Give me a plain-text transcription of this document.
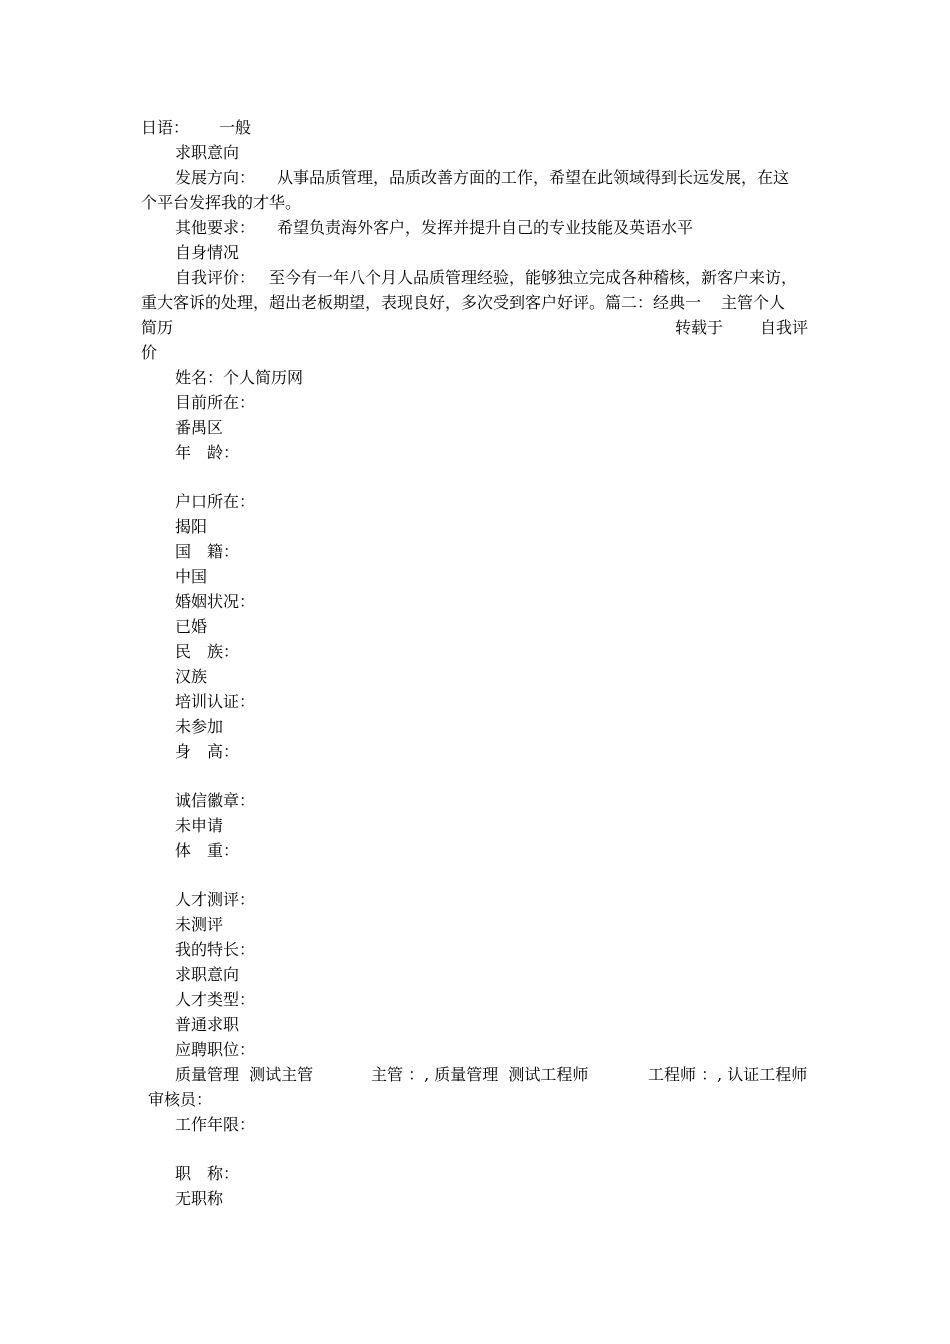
日语： 一般
求职意向
发展方向： 从事品质管理，品质改善方面的工作，希望在此领域得到长远发展，在这
个平台发挥我的才华。
其他要求： 希望负责海外客户，发挥并提升自己的专业技能及英语水平
自身情况
自我评价： 至今有一年八个月人品质管理经验，能够独立完成各种稽核，新客户来访，
重大客诉的处理，超出老板期望，表现良好，多次受到客户好评。篇二：经典一 主管个人
简历	转载于 自我评
价
姓名：个人简历网
目前所在：
番禺区
年　龄：
户口所在：
揭阳
国　籍：
中国
婚姻状况：
已婚
民　族：
汉族
培训认证：
未参加
身　高：
诚信徽章：
未申请
体　重：
人才测评：
未测评
我的特长：
求职意向
人才类型：
普通求职
应聘职位：
质量管理  测试主管	主管 ：, 质量管理  测试工程师	工程师 ：, 认证工程师
审核员：
工作年限：
职　称：
无职称
